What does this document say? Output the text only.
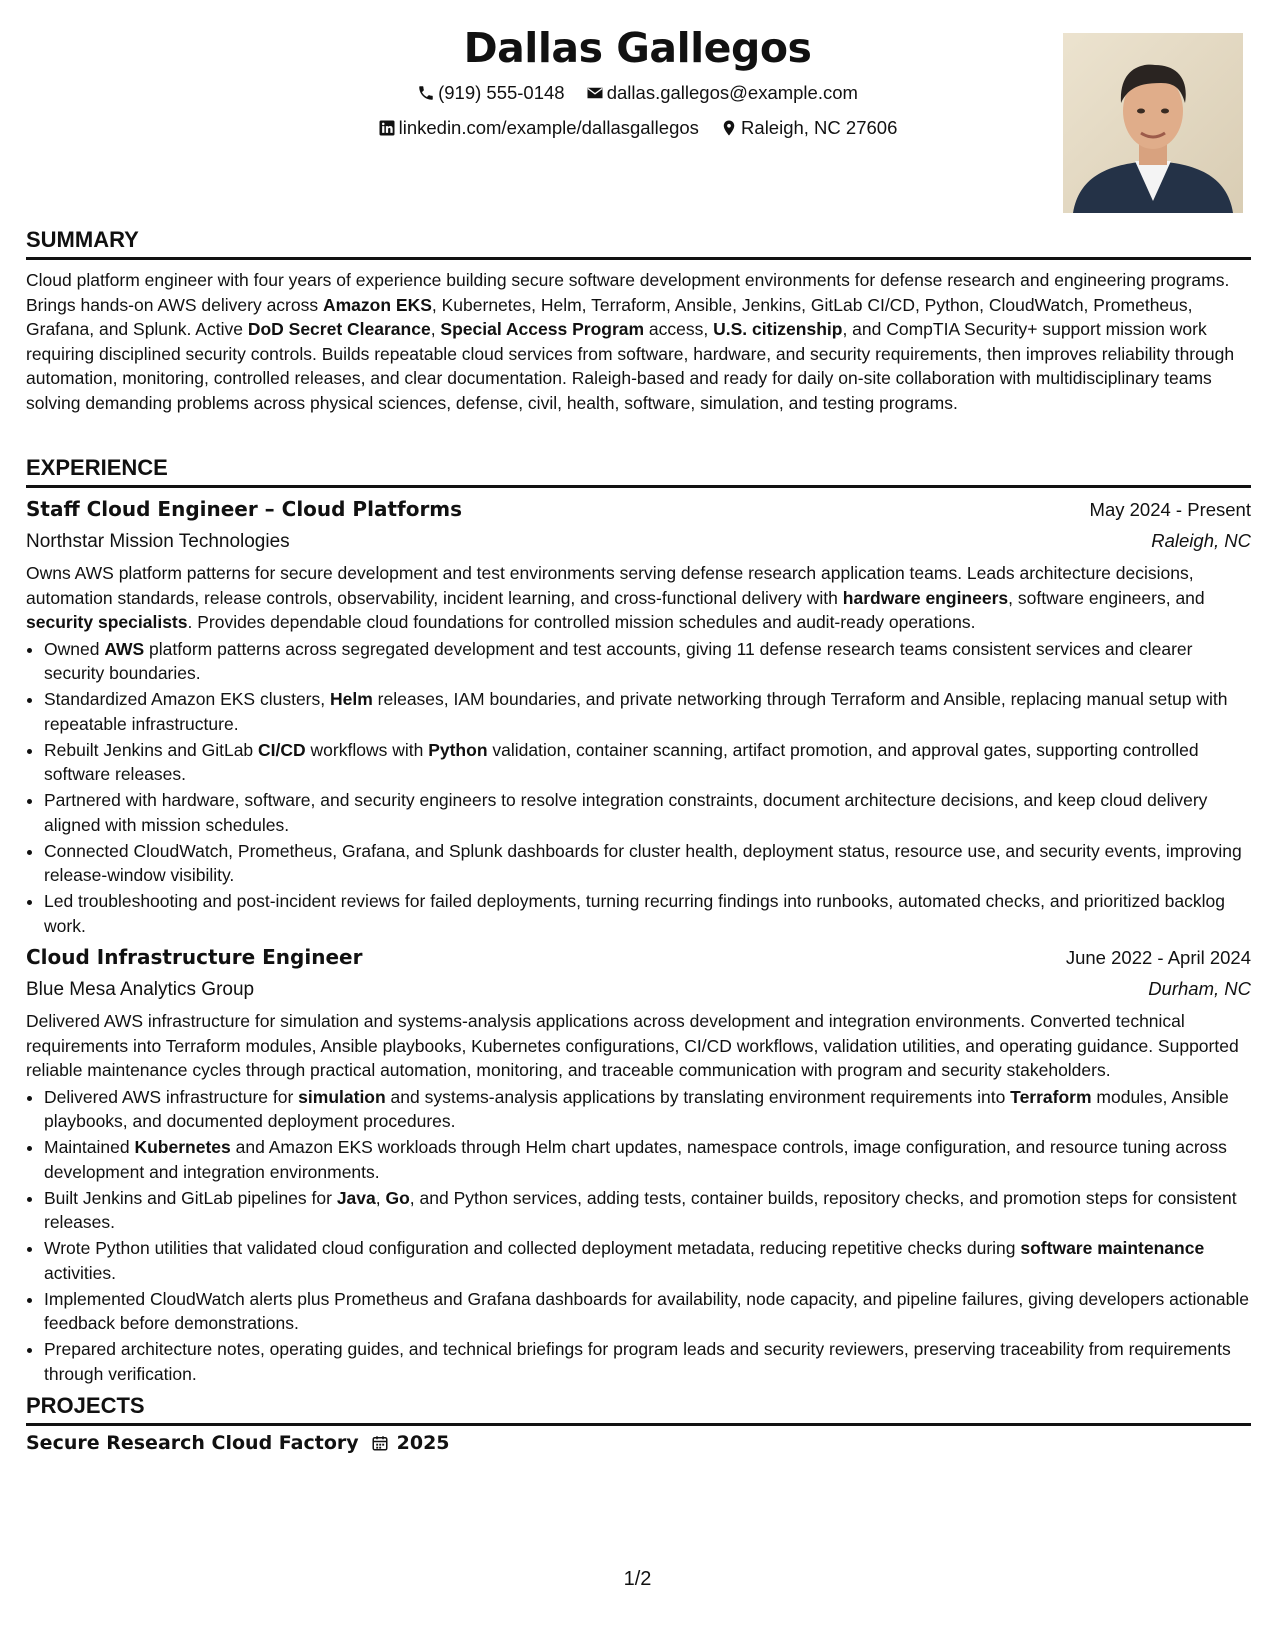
Dallas Gallegos
(919) 555-0148
dallas.gallegos@example.com
linkedin.com/example/dallasgallegos
Raleigh, NC 27606
SUMMARY
Cloud platform engineer with four years of experience building secure software development environments for defense research and engineering programs. Brings hands-on AWS delivery across Amazon EKS, Kubernetes, Helm, Terraform, Ansible, Jenkins, GitLab CI/CD, Python, CloudWatch, Prometheus, Grafana, and Splunk. Active DoD Secret Clearance, Special Access Program access, U.S. citizenship, and CompTIA Security+ support mission work requiring disciplined security controls. Builds repeatable cloud services from software, hardware, and security requirements, then improves reliability through automation, monitoring, controlled releases, and clear documentation. Raleigh-based and ready for daily on-site collaboration with multidisciplinary teams solving demanding problems across physical sciences, defense, civil, health, software, simulation, and testing programs.
EXPERIENCE
Staff Cloud Engineer – Cloud Platforms	May 2024 - Present
Northstar Mission Technologies	Raleigh, NC
Owns AWS platform patterns for secure development and test environments serving defense research application teams. Leads architecture decisions, automation standards, release controls, observability, incident learning, and cross-functional delivery with hardware engineers, software engineers, and security specialists. Provides dependable cloud foundations for controlled mission schedules and audit-ready operations.
• Owned AWS platform patterns across segregated development and test accounts, giving 11 defense research teams consistent services and clearer security boundaries.
• Standardized Amazon EKS clusters, Helm releases, IAM boundaries, and private networking through Terraform and Ansible, replacing manual setup with repeatable infrastructure.
• Rebuilt Jenkins and GitLab CI/CD workflows with Python validation, container scanning, artifact promotion, and approval gates, supporting controlled software releases.
• Partnered with hardware, software, and security engineers to resolve integration constraints, document architecture decisions, and keep cloud delivery aligned with mission schedules.
• Connected CloudWatch, Prometheus, Grafana, and Splunk dashboards for cluster health, deployment status, resource use, and security events, improving release-window visibility.
• Led troubleshooting and post-incident reviews for failed deployments, turning recurring findings into runbooks, automated checks, and prioritized backlog work.
Cloud Infrastructure Engineer	June 2022 - April 2024
Blue Mesa Analytics Group	Durham, NC
Delivered AWS infrastructure for simulation and systems-analysis applications across development and integration environments. Converted technical requirements into Terraform modules, Ansible playbooks, Kubernetes configurations, CI/CD workflows, validation utilities, and operating guidance. Supported reliable maintenance cycles through practical automation, monitoring, and traceable communication with program and security stakeholders.
• Delivered AWS infrastructure for simulation and systems-analysis applications by translating environment requirements into Terraform modules, Ansible playbooks, and documented deployment procedures.
• Maintained Kubernetes and Amazon EKS workloads through Helm chart updates, namespace controls, image configuration, and resource tuning across development and integration environments.
• Built Jenkins and GitLab pipelines for Java, Go, and Python services, adding tests, container builds, repository checks, and promotion steps for consistent releases.
• Wrote Python utilities that validated cloud configuration and collected deployment metadata, reducing repetitive checks during software maintenance activities.
• Implemented CloudWatch alerts plus Prometheus and Grafana dashboards for availability, node capacity, and pipeline failures, giving developers actionable feedback before demonstrations.
• Prepared architecture notes, operating guides, and technical briefings for program leads and security reviewers, preserving traceability from requirements through verification.
PROJECTS
Secure Research Cloud Factory 2025
1/2
